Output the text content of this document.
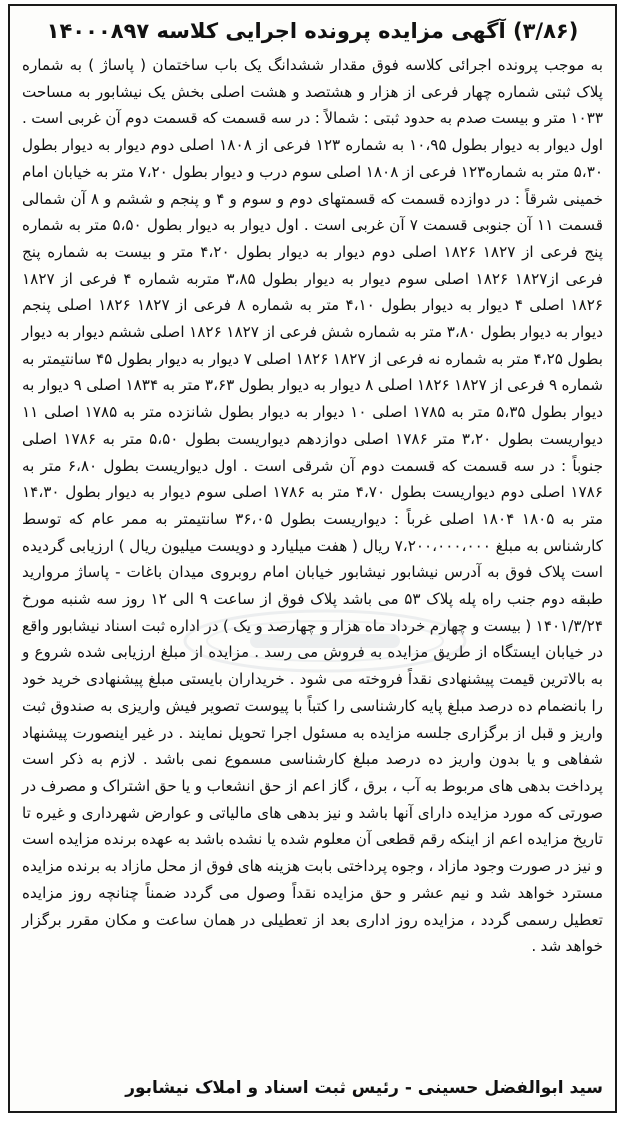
(۳/۸۶) آگهی مزایده پرونده اجرایی کلاسه ۱۴۰۰۰۸۹۷

به موجب پرونده اجرائی کلاسه فوق مقدار ششدانگ یک باب ساختمان ( پاساژ ) به شماره پلاک ثبتی شماره چهار فرعی از هزار و هشتصد و هشت اصلی بخش یک نیشابور به مساحت ۱۰۳۳ متر و بیست صدم به حدود ثبتی : شمالاً : در سه قسمت که قسمت دوم آن غربی است . اول دیوار به دیوار بطول ۱۰،۹۵ به شماره ۱۲۳ فرعی از ۱۸۰۸ اصلی دوم دیوار به دیوار بطول ۵،۳۰ متر به شماره۱۲۳ فرعی از ۱۸۰۸ اصلی سوم درب و دیوار بطول ۷،۲۰ متر به خیابان امام خمینی شرقاً : در دوازده قسمت که قسمتهای دوم و سوم و ۴ و پنجم و ششم و ۸ آن شمالی قسمت ۱۱ آن جنوبی قسمت ۷ آن غربی است . اول دیوار به دیوار بطول ۵،۵۰ متر به شماره پنج فرعی از ۱۸۲۷ ۱۸۲۶ اصلی دوم دیوار به دیوار بطول ۴،۲۰ متر و بیست به شماره پنج فرعی از۱۸۲۷ ۱۸۲۶ اصلی سوم دیوار به دیوار بطول ۳،۸۵ متربه شماره ۴ فرعی از ۱۸۲۷ ۱۸۲۶ اصلی ۴ دیوار به دیوار بطول ۴،۱۰ متر به شماره ۸ فرعی از ۱۸۲۷ ۱۸۲۶ اصلی پنجم دیوار به دیوار بطول ۳،۸۰ متر به شماره شش فرعی از ۱۸۲۷ ۱۸۲۶ اصلی ششم دیوار به دیوار بطول ۴،۲۵ متر به شماره نه فرعی از ۱۸۲۷ ۱۸۲۶ اصلی ۷ دیوار به دیوار بطول ۴۵ سانتیمتر به شماره ۹ فرعی از ۱۸۲۷ ۱۸۲۶ اصلی ۸ دیوار به دیوار بطول ۳،۶۳ متر به ۱۸۳۴ اصلی ۹ دیوار به دیوار بطول ۵،۳۵ متر به ۱۷۸۵ اصلی ۱۰ دیوار به دیوار بطول شانزده متر به ۱۷۸۵ اصلی ۱۱ دیواریست بطول ۳،۲۰ متر ۱۷۸۶ اصلی دوازدهم دیواریست بطول ۵،۵۰ متر به ۱۷۸۶ اصلی جنوباً : در سه قسمت که قسمت دوم آن شرقی است . اول دیواریست بطول ۶،۸۰ متر به ۱۷۸۶ اصلی دوم دیواریست بطول ۴،۷۰ متر به ۱۷۸۶ اصلی سوم دیوار به دیوار بطول ۱۴،۳۰ متر به ۱۸۰۵ ۱۸۰۴ اصلی غرباً : دیواریست بطول ۳۶،۰۵ سانتیمتر به ممر عام که توسط کارشناس به مبلغ ۷،۲۰۰،۰۰۰،۰۰۰ ریال ( هفت میلیارد و دویست میلیون ریال ) ارزیابی گردیده است پلاک فوق به آدرس نیشابور نیشابور خیابان امام روبروی میدان باغات - پاساژ مروارید طبقه دوم جنب راه پله پلاک ۵۳ می باشد پلاک فوق از ساعت ۹ الی ۱۲ روز سه شنبه مورخ ۱۴۰۱/۳/۲۴ ( بیست و چهارم خرداد ماه هزار و چهارصد و یک ) در اداره ثبت اسناد نیشابور واقع در خیابان ایستگاه از طریق مزایده به فروش می رسد . مزایده از مبلغ ارزیابی شده شروع و به بالاترین قیمت پیشنهادی نقداً فروخته می شود . خریداران بایستی مبلغ پیشنهادی خرید خود را بانضمام ده درصد مبلغ پایه کارشناسی را کتباً با پیوست تصویر فیش واریزی به صندوق ثبت واریز و قبل از برگزاری جلسه مزایده به مسئول اجرا تحویل نمایند . در غیر اینصورت پیشنهاد شفاهی و یا بدون واریز ده درصد مبلغ کارشناسی مسموع نمی باشد . لازم به ذکر است پرداخت بدهی های مربوط به آب ، برق ، گاز اعم از حق انشعاب و یا حق اشتراک و مصرف در صورتی که مورد مزایده دارای آنها باشد و نیز بدهی های مالیاتی و عوارض شهرداری و غیره تا تاریخ مزایده اعم از اینکه رقم قطعی آن معلوم شده یا نشده باشد به عهده برنده مزایده است و نیز در صورت وجود مازاد ، وجوه پرداختی بابت هزینه های فوق از محل مازاد به برنده مزایده مسترد خواهد شد و نیم عشر و حق مزایده نقداً وصول می گردد ضمناً چنانچه روز مزایده تعطیل رسمی گردد ، مزایده روز اداری بعد از تعطیلی در همان ساعت و مکان مقرر برگزار خواهد شد .

سید ابوالفضل حسینی - رئیس ثبت اسناد و املاک نیشابور
